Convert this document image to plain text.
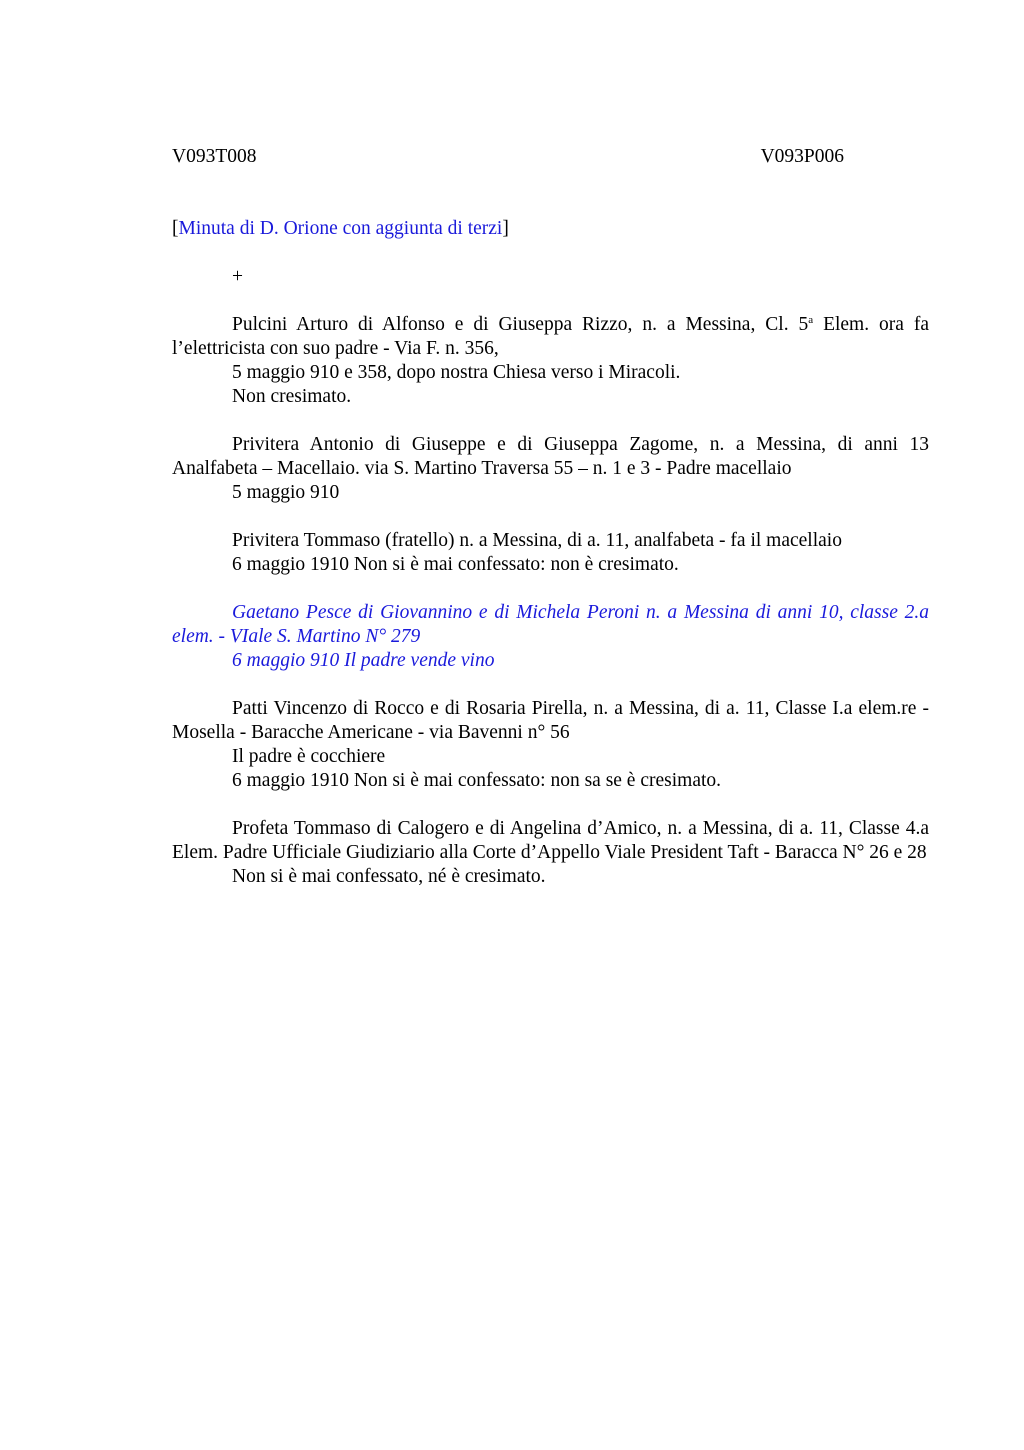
V093T008	V093P006
[Minuta di D. Orione con aggiunta di terzi]
+

Pulcini Arturo di Alfonso e di Giuseppa Rizzo, n. a Messina, Cl. 5$^a$ Elem. ora fa l’elettricista con suo padre - Via F. n. 356,

5 maggio 910 e 358, dopo nostra Chiesa verso i Miracoli.

Non cresimato.

Privitera Antonio di Giuseppe e di Giuseppa Zagome, n. a Messina, di anni 13 Analfabeta – Macellaio. via S. Martino Traversa 55 – n. 1 e 3 - Padre macellaio

5 maggio 910

Privitera Tommaso (fratello) n. a Messina, di a. 11, analfabeta - fa il macellaio

6 maggio 1910 Non si è mai confessato: non è cresimato.

Gaetano Pesce di Giovannino e di Michela Peroni n. a Messina di anni 10, classe 2.a elem. - VIale S. Martino N° 279

6 maggio 910 Il padre vende vino

Patti Vincenzo di Rocco e di Rosaria Pirella, n. a Messina, di a. 11, Classe I.a elem.re - Mosella - Baracche Americane - via Bavenni n° 56

Il padre è cocchiere

6 maggio 1910 Non si è mai confessato: non sa se è cresimato.

Profeta Tommaso di Calogero e di Angelina d’Amico, n. a Messina, di a. 11, Classe 4.a Elem. Padre Ufficiale Giudiziario alla Corte d’Appello Viale President Taft - Baracca N° 26 e 28

Non si è mai confessato, né è cresimato.
